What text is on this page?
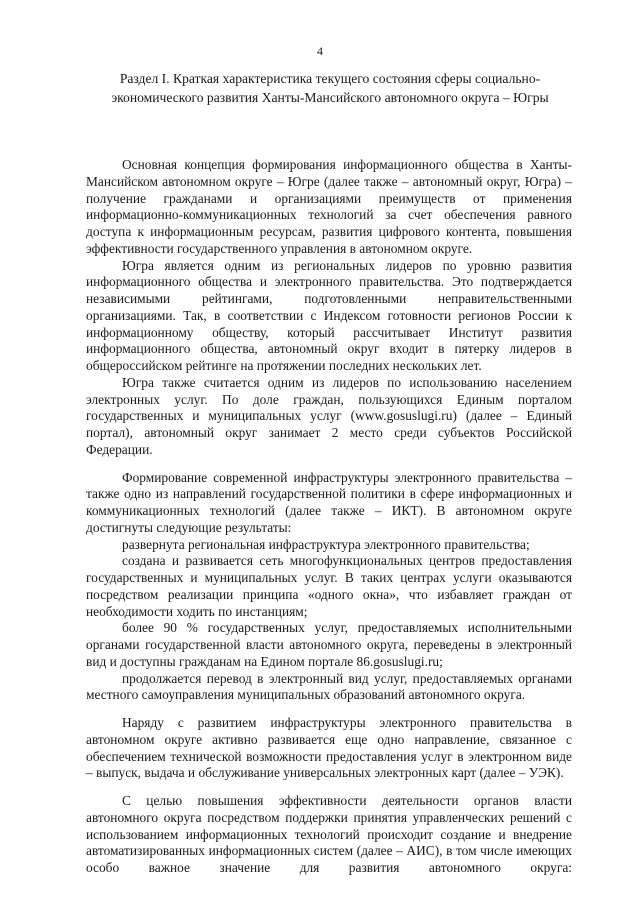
4
Раздел I. Краткая характеристика текущего состояния сферы социально-экономического развития Ханты-Мансийского автономного округа – Югры

Основная концепция формирования информационного общества в Ханты-Мансийском автономном округе – Югре (далее также – автономный округ, Югра) – получение гражданами и организациями преимуществ от применения информационно-коммуникационных технологий за счет обеспечения равного доступа к информационным ресурсам, развития цифрового контента, повышения эффективности государственного управления в автономном округе.

Югра является одним из региональных лидеров по уровню развития информационного общества и электронного правительства. Это подтверждается независимыми рейтингами, подготовленными неправительственными организациями. Так, в соответствии с Индексом готовности регионов России к информационному обществу, который рассчитывает Институт развития информационного общества, автономный округ входит в пятерку лидеров в общероссийском рейтинге на протяжении последних нескольких лет.

Югра также считается одним из лидеров по использованию населением электронных услуг. По доле граждан, пользующихся Единым порталом государственных и муниципальных услуг (www.gosuslugi.ru) (далее – Единый портал), автономный округ занимает 2 место среди субъектов Российской Федерации.

Формирование современной инфраструктуры электронного правительства – также одно из направлений государственной политики в сфере информационных и коммуникационных технологий (далее также – ИКТ). В автономном округе достигнуты следующие результаты:

развернута региональная инфраструктура электронного правительства;

создана и развивается сеть многофункциональных центров предоставления государственных и муниципальных услуг. В таких центрах услуги оказываются посредством реализации принципа «одного окна», что избавляет граждан от необходимости ходить по инстанциям;

более 90 % государственных услуг, предоставляемых исполнительными органами государственной власти автономного округа, переведены в электронный вид и доступны гражданам на Едином портале 86.gosuslugi.ru;

продолжается перевод в электронный вид услуг, предоставляемых органами местного самоуправления муниципальных образований автономного округа.

Наряду с развитием инфраструктуры электронного правительства в автономном округе активно развивается еще одно направление, связанное с обеспечением технической возможности предоставления услуг в электронном виде – выпуск, выдача и обслуживание универсальных электронных карт (далее – УЭК).

С целью повышения эффективности деятельности органов власти автономного округа посредством поддержки принятия управленческих решений с использованием информационных технологий происходит создание и внедрение автоматизированных информационных систем (далее – АИС), в том числе имеющих особо важное значение для развития автономного округа:
